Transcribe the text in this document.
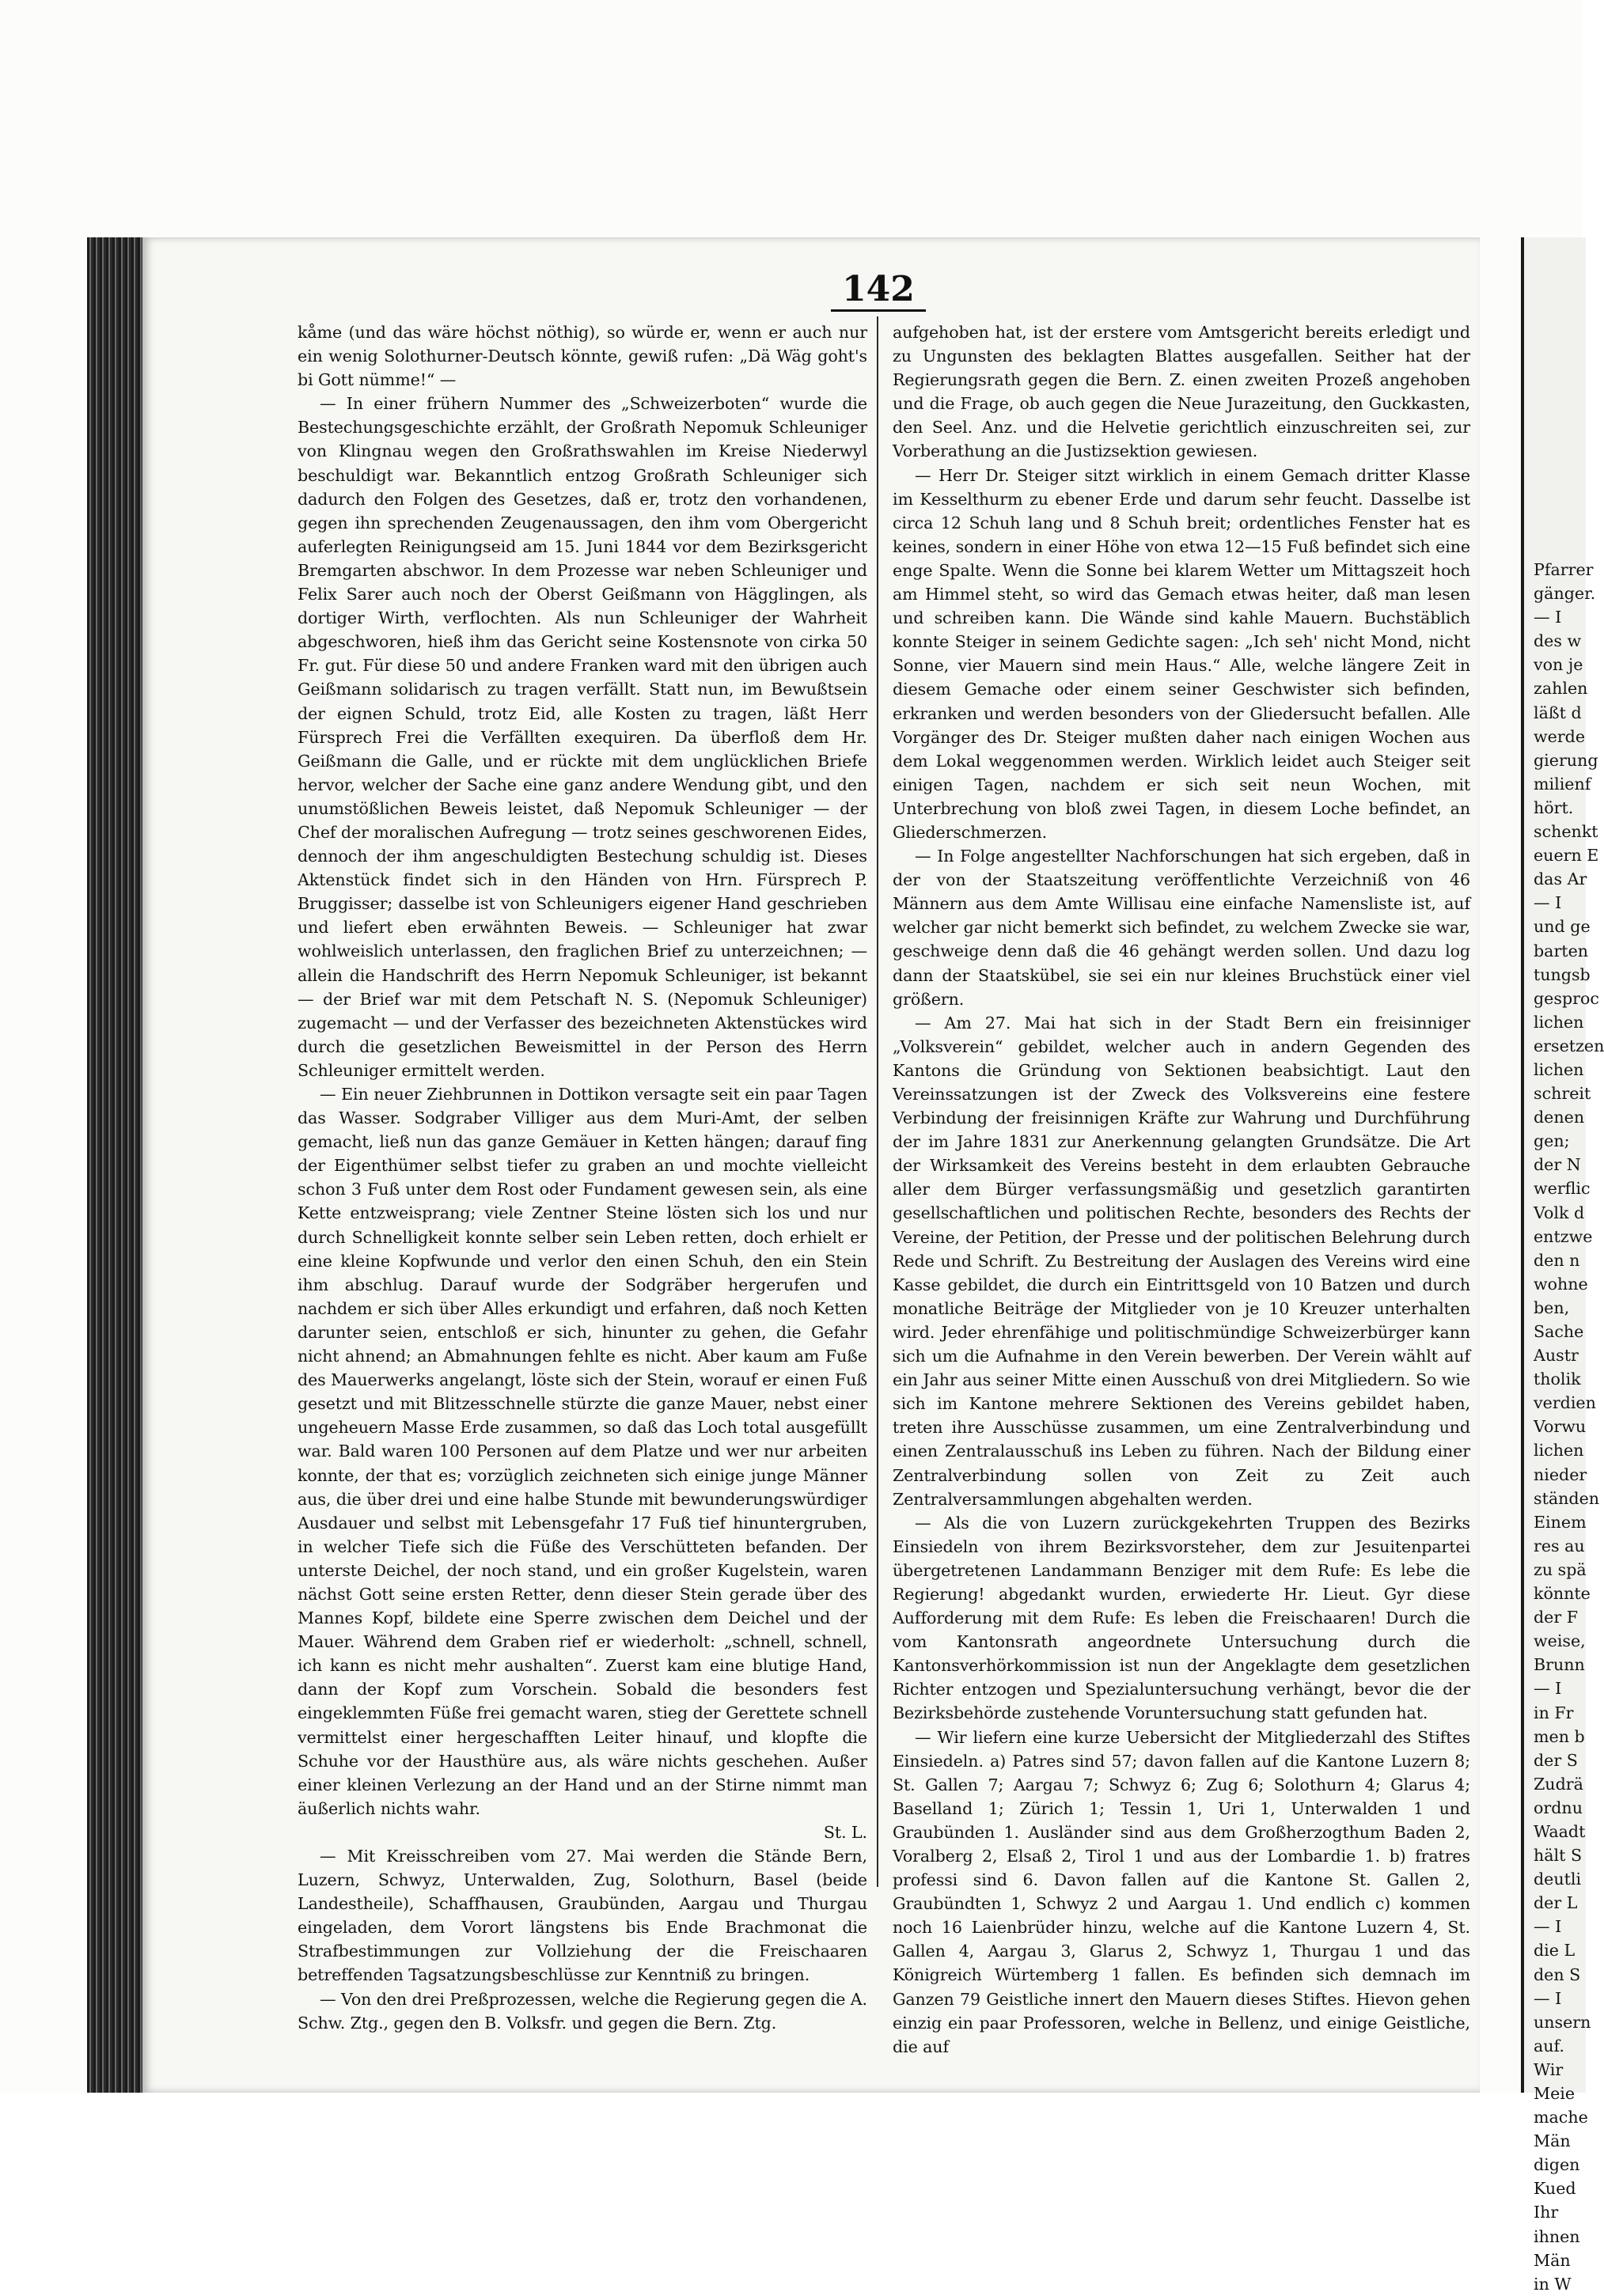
142

kåme (und das wäre höchst nöthig), so würde er, wenn er auch nur ein wenig Solothurner-Deutsch könnte, gewiß rufen: „Dä Wäg goht's bi Gott nümme!“ —

— In einer frühern Nummer des „Schweizerboten“ wurde die Bestechungsgeschichte erzählt, der Großrath Nepomuk Schleuniger von Klingnau wegen den Großrathswahlen im Kreise Niederwyl beschuldigt war. Bekanntlich entzog Großrath Schleuniger sich dadurch den Folgen des Gesetzes, daß er, trotz den vorhandenen, gegen ihn sprechenden Zeugenaussagen, den ihm vom Obergericht auferlegten Reinigungseid am 15. Juni 1844 vor dem Bezirksgericht Bremgarten abschwor. In dem Prozesse war neben Schleuniger und Felix Sarer auch noch der Oberst Geißmann von Hägglingen, als dortiger Wirth, verflochten. Als nun Schleuniger der Wahrheit abgeschworen, hieß ihm das Gericht seine Kostensnote von cirka 50 Fr. gut. Für diese 50 und andere Franken ward mit den übrigen auch Geißmann solidarisch zu tragen verfällt. Statt nun, im Bewußtsein der eignen Schuld, trotz Eid, alle Kosten zu tragen, läßt Herr Fürsprech Frei die Verfällten exequiren. Da überfloß dem Hr. Geißmann die Galle, und er rückte mit dem unglücklichen Briefe hervor, welcher der Sache eine ganz andere Wendung gibt, und den unumstößlichen Beweis leistet, daß Nepomuk Schleuniger — der Chef der moralischen Aufregung — trotz seines geschworenen Eides, dennoch der ihm angeschuldigten Bestechung schuldig ist. Dieses Aktenstück findet sich in den Händen von Hrn. Fürsprech P. Bruggisser; dasselbe ist von Schleunigers eigener Hand geschrieben und liefert eben erwähnten Beweis. — Schleuniger hat zwar wohlweislich unterlassen, den fraglichen Brief zu unterzeichnen; — allein die Handschrift des Herrn Nepomuk Schleuniger, ist bekannt — der Brief war mit dem Petschaft N. S. (Nepomuk Schleuniger) zugemacht — und der Verfasser des bezeichneten Aktenstückes wird durch die gesetzlichen Beweismittel in der Person des Herrn Schleuniger ermittelt werden.

— Ein neuer Ziehbrunnen in Dottikon versagte seit ein paar Tagen das Wasser. Sodgraber Villiger aus dem Muri-Amt, der selben gemacht, ließ nun das ganze Gemäuer in Ketten hängen; darauf fing der Eigenthümer selbst tiefer zu graben an und mochte vielleicht schon 3 Fuß unter dem Rost oder Fundament gewesen sein, als eine Kette entzweisprang; viele Zentner Steine lösten sich los und nur durch Schnelligkeit konnte selber sein Leben retten, doch erhielt er eine kleine Kopfwunde und verlor den einen Schuh, den ein Stein ihm abschlug. Darauf wurde der Sodgräber hergerufen und nachdem er sich über Alles erkundigt und erfahren, daß noch Ketten darunter seien, entschloß er sich, hinunter zu gehen, die Gefahr nicht ahnend; an Abmahnungen fehlte es nicht. Aber kaum am Fuße des Mauerwerks angelangt, löste sich der Stein, worauf er einen Fuß gesetzt und mit Blitzesschnelle stürzte die ganze Mauer, nebst einer ungeheuern Masse Erde zusammen, so daß das Loch total ausgefüllt war. Bald waren 100 Personen auf dem Platze und wer nur arbeiten konnte, der that es; vorzüglich zeichneten sich einige junge Männer aus, die über drei und eine halbe Stunde mit bewunderungswürdiger Ausdauer und selbst mit Lebensgefahr 17 Fuß tief hinuntergruben, in welcher Tiefe sich die Füße des Verschütteten befanden. Der unterste Deichel, der noch stand, und ein großer Kugelstein, waren nächst Gott seine ersten Retter, denn dieser Stein gerade über des Mannes Kopf, bildete eine Sperre zwischen dem Deichel und der Mauer. Während dem Graben rief er wiederholt: „schnell, schnell, ich kann es nicht mehr aushalten“. Zuerst kam eine blutige Hand, dann der Kopf zum Vorschein. Sobald die besonders fest eingeklemmten Füße frei gemacht waren, stieg der Gerettete schnell vermittelst einer hergeschafften Leiter hinauf, und klopfte die Schuhe vor der Hausthüre aus, als wäre nichts geschehen. Außer einer kleinen Verlezung an der Hand und an der Stirne nimmt man äußerlich nichts wahr.

St. L.

— Mit Kreisschreiben vom 27. Mai werden die Stände Bern, Luzern, Schwyz, Unterwalden, Zug, Solothurn, Basel (beide Landestheile), Schaffhausen, Graubünden, Aargau und Thurgau eingeladen, dem Vorort längstens bis Ende Brachmonat die Strafbestimmungen zur Vollziehung der die Freischaaren betreffenden Tagsatzungsbeschlüsse zur Kenntniß zu bringen.

— Von den drei Preßprozessen, welche die Regierung gegen die A. Schw. Ztg., gegen den B. Volksfr. und gegen die Bern. Ztg.

aufgehoben hat, ist der erstere vom Amtsgericht bereits erledigt und zu Ungunsten des beklagten Blattes ausgefallen. Seither hat der Regierungsrath gegen die Bern. Z. einen zweiten Prozeß angehoben und die Frage, ob auch gegen die Neue Jurazeitung, den Guckkasten, den Seel. Anz. und die Helvetie gerichtlich einzuschreiten sei, zur Vorberathung an die Justizsektion gewiesen.

— Herr Dr. Steiger sitzt wirklich in einem Gemach dritter Klasse im Kesselthurm zu ebener Erde und darum sehr feucht. Dasselbe ist circa 12 Schuh lang und 8 Schuh breit; ordentliches Fenster hat es keines, sondern in einer Höhe von etwa 12—15 Fuß befindet sich eine enge Spalte. Wenn die Sonne bei klarem Wetter um Mittagszeit hoch am Himmel steht, so wird das Gemach etwas heiter, daß man lesen und schreiben kann. Die Wände sind kahle Mauern. Buchstäblich konnte Steiger in seinem Gedichte sagen: „Ich seh' nicht Mond, nicht Sonne, vier Mauern sind mein Haus.“ Alle, welche längere Zeit in diesem Gemache oder einem seiner Geschwister sich befinden, erkranken und werden besonders von der Gliedersucht befallen. Alle Vorgänger des Dr. Steiger mußten daher nach einigen Wochen aus dem Lokal weggenommen werden. Wirklich leidet auch Steiger seit einigen Tagen, nachdem er sich seit neun Wochen, mit Unterbrechung von bloß zwei Tagen, in diesem Loche befindet, an Gliederschmerzen.

— In Folge angestellter Nachforschungen hat sich ergeben, daß in der von der Staatszeitung veröffentlichte Verzeichniß von 46 Männern aus dem Amte Willisau eine einfache Namensliste ist, auf welcher gar nicht bemerkt sich befindet, zu welchem Zwecke sie war, geschweige denn daß die 46 gehängt werden sollen. Und dazu log dann der Staatskübel, sie sei ein nur kleines Bruchstück einer viel größern.

— Am 27. Mai hat sich in der Stadt Bern ein freisinniger „Volksverein“ gebildet, welcher auch in andern Gegenden des Kantons die Gründung von Sektionen beabsichtigt. Laut den Vereinssatzungen ist der Zweck des Volksvereins eine festere Verbindung der freisinnigen Kräfte zur Wahrung und Durchführung der im Jahre 1831 zur Anerkennung gelangten Grundsätze. Die Art der Wirksamkeit des Vereins besteht in dem erlaubten Gebrauche aller dem Bürger verfassungsmäßig und gesetzlich garantirten gesellschaftlichen und politischen Rechte, besonders des Rechts der Vereine, der Petition, der Presse und der politischen Belehrung durch Rede und Schrift. Zu Bestreitung der Auslagen des Vereins wird eine Kasse gebildet, die durch ein Eintrittsgeld von 10 Batzen und durch monatliche Beiträge der Mitglieder von je 10 Kreuzer unterhalten wird. Jeder ehrenfähige und politischmündige Schweizerbürger kann sich um die Aufnahme in den Verein bewerben. Der Verein wählt auf ein Jahr aus seiner Mitte einen Ausschuß von drei Mitgliedern. So wie sich im Kantone mehrere Sektionen des Vereins gebildet haben, treten ihre Ausschüsse zusammen, um eine Zentralverbindung und einen Zentralausschuß ins Leben zu führen. Nach der Bildung einer Zentralverbindung sollen von Zeit zu Zeit auch Zentralversammlungen abgehalten werden.

— Als die von Luzern zurückgekehrten Truppen des Bezirks Einsiedeln von ihrem Bezirksvorsteher, dem zur Jesuitenpartei übergetretenen Landammann Benziger mit dem Rufe: Es lebe die Regierung! abgedankt wurden, erwiederte Hr. Lieut. Gyr diese Aufforderung mit dem Rufe: Es leben die Freischaaren! Durch die vom Kantonsrath angeordnete Untersuchung durch die Kantonsverhörkommission ist nun der Angeklagte dem gesetzlichen Richter entzogen und Spezialuntersuchung verhängt, bevor die der Bezirksbehörde zustehende Voruntersuchung statt gefunden hat.

— Wir liefern eine kurze Uebersicht der Mitgliederzahl des Stiftes Einsiedeln. a) Patres sind 57; davon fallen auf die Kantone Luzern 8; St. Gallen 7; Aargau 7; Schwyz 6; Zug 6; Solothurn 4; Glarus 4; Baselland 1; Zürich 1; Tessin 1, Uri 1, Unterwalden 1 und Graubünden 1. Ausländer sind aus dem Großherzogthum Baden 2, Voralberg 2, Elsaß 2, Tirol 1 und aus der Lombardie 1. b) fratres professi sind 6. Davon fallen auf die Kantone St. Gallen 2, Graubündten 1, Schwyz 2 und Aargau 1. Und endlich c) kommen noch 16 Laienbrüder hinzu, welche auf die Kantone Luzern 4, St. Gallen 4, Aargau 3, Glarus 2, Schwyz 1, Thurgau 1 und das Königreich Würtemberg 1 fallen. Es befinden sich demnach im Ganzen 79 Geistliche innert den Mauern dieses Stiftes. Hievon gehen einzig ein paar Professoren, welche in Bellenz, und einige Geistliche, die auf

Pfarrer
gänger.
— I
des w
von je
zahlen
läßt d
werde
gierung
milienf
hört.
schenkt
euern E
das Ar
— I
und ge
barten
tungsb
gesproc
lichen
ersetzen
lichen
schreit
denen
gen;
der N
werflic
Volk d
entzwe
den n
wohne
ben,
Sache
Austr
tholik
verdien
Vorwu
lichen
nieder
ständen
Einem
res au
zu spä
könnte
der F
weise,
Brunn
— I
in Fr
men b
der S
Zudrä
ordnu
Waadt
hält S
deutli
der L
— I
die L
den S
— I
unsern
auf.
Wir
Meie
mache
Män
digen
Kued
Ihr
ihnen
Män
in W
